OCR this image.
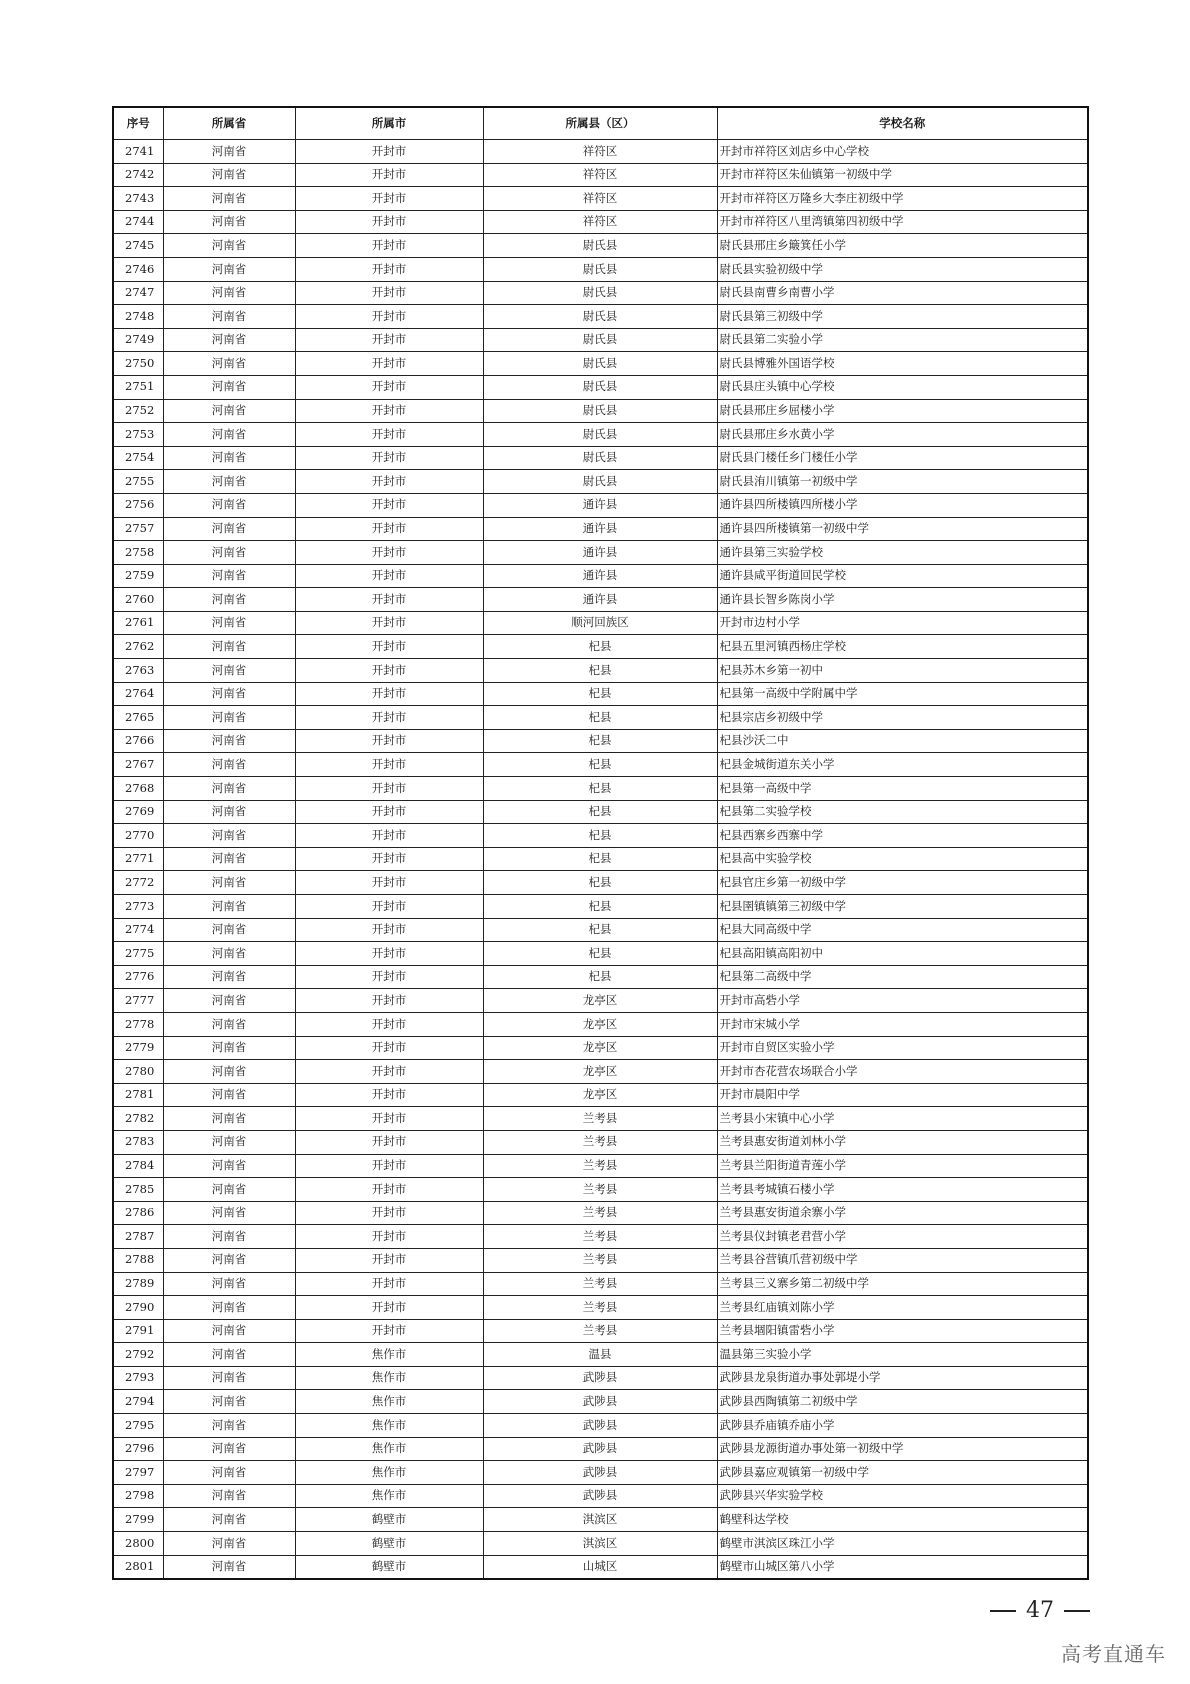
序号	所属省	所属市	所属县（区）	学校名称
2741	河南省	开封市	祥符区	开封市祥符区刘店乡中心学校
2742	河南省	开封市	祥符区	开封市祥符区朱仙镇第一初级中学
2743	河南省	开封市	祥符区	开封市祥符区万隆乡大李庄初级中学
2744	河南省	开封市	祥符区	开封市祥符区八里湾镇第四初级中学
2745	河南省	开封市	尉氏县	尉氏县邢庄乡簸箕任小学
2746	河南省	开封市	尉氏县	尉氏县实验初级中学
2747	河南省	开封市	尉氏县	尉氏县南曹乡南曹小学
2748	河南省	开封市	尉氏县	尉氏县第三初级中学
2749	河南省	开封市	尉氏县	尉氏县第二实验小学
2750	河南省	开封市	尉氏县	尉氏县博雅外国语学校
2751	河南省	开封市	尉氏县	尉氏县庄头镇中心学校
2752	河南省	开封市	尉氏县	尉氏县邢庄乡屈楼小学
2753	河南省	开封市	尉氏县	尉氏县邢庄乡水黄小学
2754	河南省	开封市	尉氏县	尉氏县门楼任乡门楼任小学
2755	河南省	开封市	尉氏县	尉氏县洧川镇第一初级中学
2756	河南省	开封市	通许县	通许县四所楼镇四所楼小学
2757	河南省	开封市	通许县	通许县四所楼镇第一初级中学
2758	河南省	开封市	通许县	通许县第三实验学校
2759	河南省	开封市	通许县	通许县咸平街道回民学校
2760	河南省	开封市	通许县	通许县长智乡陈岗小学
2761	河南省	开封市	顺河回族区	开封市边村小学
2762	河南省	开封市	杞县	杞县五里河镇西杨庄学校
2763	河南省	开封市	杞县	杞县苏木乡第一初中
2764	河南省	开封市	杞县	杞县第一高级中学附属中学
2765	河南省	开封市	杞县	杞县宗店乡初级中学
2766	河南省	开封市	杞县	杞县沙沃二中
2767	河南省	开封市	杞县	杞县金城街道东关小学
2768	河南省	开封市	杞县	杞县第一高级中学
2769	河南省	开封市	杞县	杞县第二实验学校
2770	河南省	开封市	杞县	杞县西寨乡西寨中学
2771	河南省	开封市	杞县	杞县高中实验学校
2772	河南省	开封市	杞县	杞县官庄乡第一初级中学
2773	河南省	开封市	杞县	杞县圉镇镇第三初级中学
2774	河南省	开封市	杞县	杞县大同高级中学
2775	河南省	开封市	杞县	杞县高阳镇高阳初中
2776	河南省	开封市	杞县	杞县第二高级中学
2777	河南省	开封市	龙亭区	开封市高砦小学
2778	河南省	开封市	龙亭区	开封市宋城小学
2779	河南省	开封市	龙亭区	开封市自贸区实验小学
2780	河南省	开封市	龙亭区	开封市杏花营农场联合小学
2781	河南省	开封市	龙亭区	开封市晨阳中学
2782	河南省	开封市	兰考县	兰考县小宋镇中心小学
2783	河南省	开封市	兰考县	兰考县惠安街道刘林小学
2784	河南省	开封市	兰考县	兰考县兰阳街道青莲小学
2785	河南省	开封市	兰考县	兰考县考城镇石楼小学
2786	河南省	开封市	兰考县	兰考县惠安街道余寨小学
2787	河南省	开封市	兰考县	兰考县仪封镇老君营小学
2788	河南省	开封市	兰考县	兰考县谷营镇爪营初级中学
2789	河南省	开封市	兰考县	兰考县三义寨乡第二初级中学
2790	河南省	开封市	兰考县	兰考县红庙镇刘陈小学
2791	河南省	开封市	兰考县	兰考县堌阳镇雷砦小学
2792	河南省	焦作市	温县	温县第三实验小学
2793	河南省	焦作市	武陟县	武陟县龙泉街道办事处郭堤小学
2794	河南省	焦作市	武陟县	武陟县西陶镇第二初级中学
2795	河南省	焦作市	武陟县	武陟县乔庙镇乔庙小学
2796	河南省	焦作市	武陟县	武陟县龙源街道办事处第一初级中学
2797	河南省	焦作市	武陟县	武陟县嘉应观镇第一初级中学
2798	河南省	焦作市	武陟县	武陟县兴华实验学校
2799	河南省	鹤壁市	淇滨区	鹤壁科达学校
2800	河南省	鹤壁市	淇滨区	鹤壁市淇滨区珠江小学
2801	河南省	鹤壁市	山城区	鹤壁市山城区第八小学
47
高考直通车
